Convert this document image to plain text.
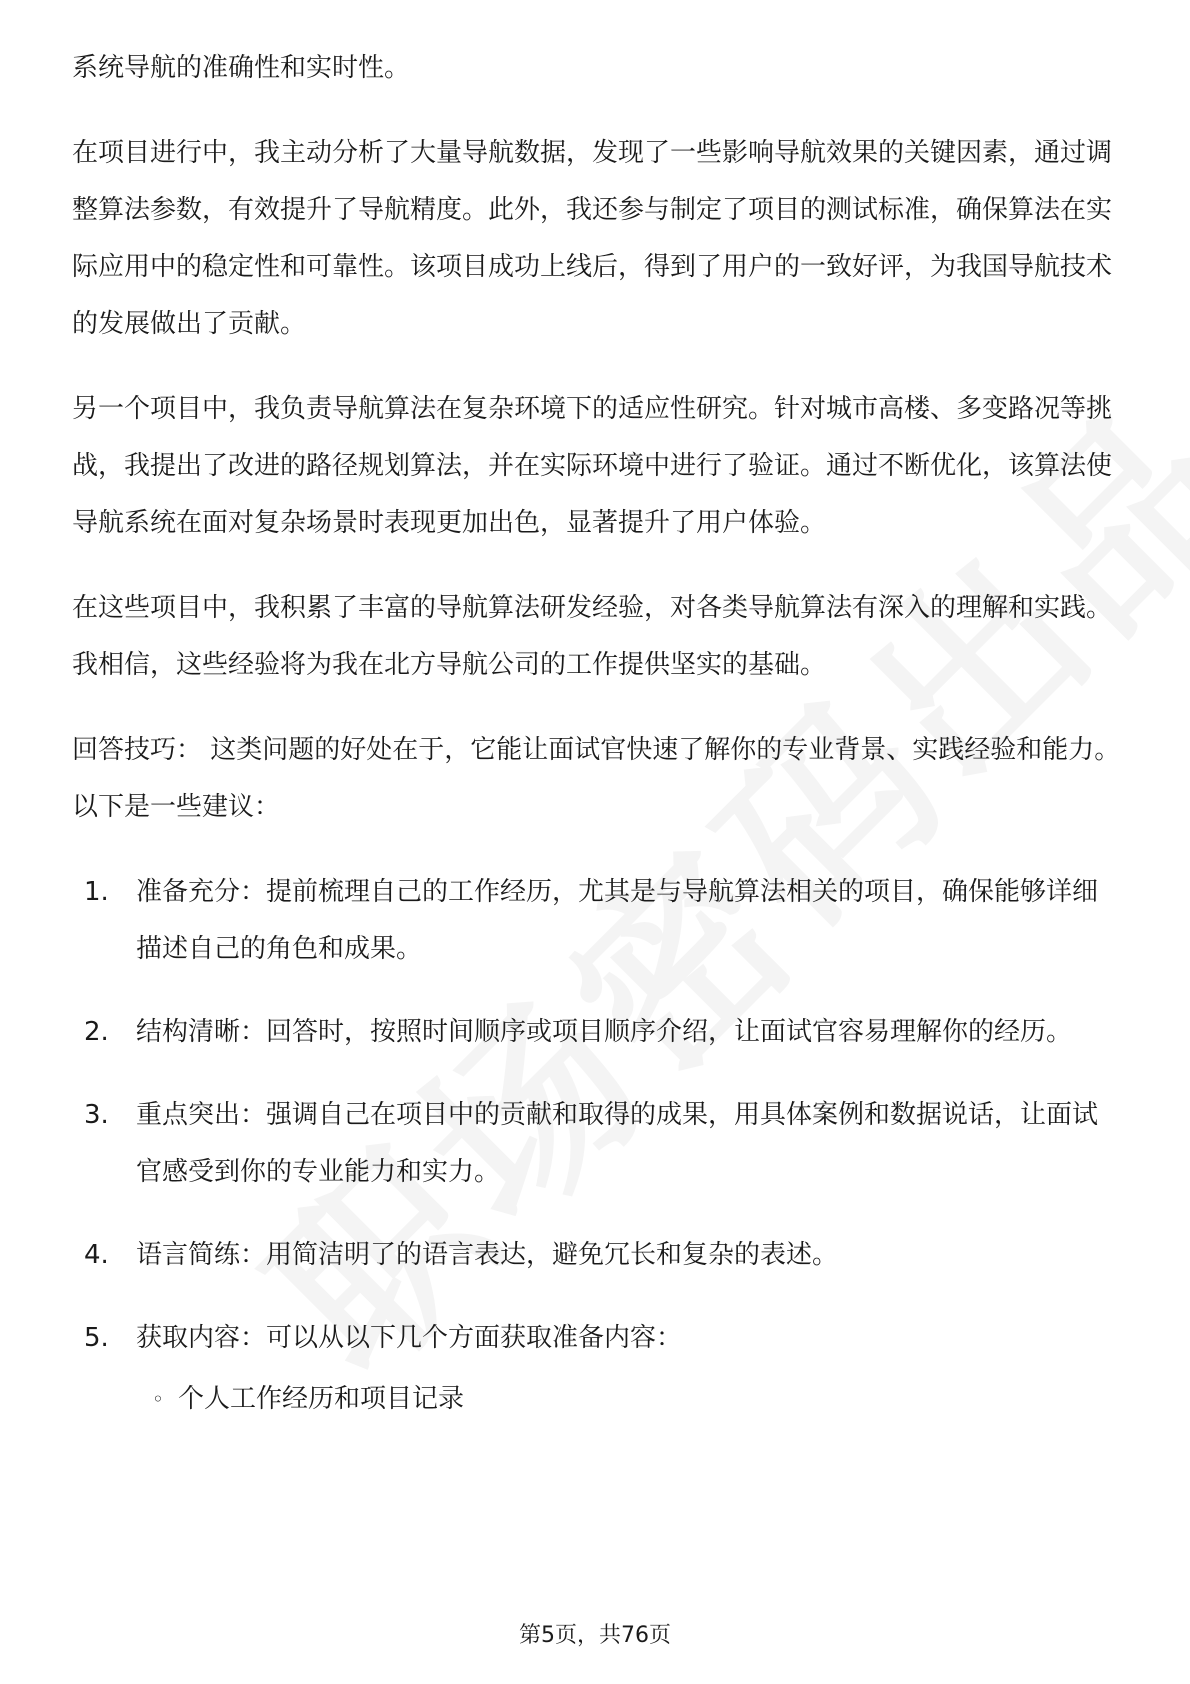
系统导航的准确性和实时性。

在项目进行中，我主动分析了大量导航数据，发现了一些影响导航效果的关键因素，通过调整算法参数，有效提升了导航精度。此外，我还参与制定了项目的测试标准，确保算法在实际应用中的稳定性和可靠性。该项目成功上线后，得到了用户的一致好评，为我国导航技术的发展做出了贡献。

另一个项目中，我负责导航算法在复杂环境下的适应性研究。针对城市高楼、多变路况等挑战，我提出了改进的路径规划算法，并在实际环境中进行了验证。通过不断优化，该算法使导航系统在面对复杂场景时表现更加出色，显著提升了用户体验。

在这些项目中，我积累了丰富的导航算法研发经验，对各类导航算法有深入的理解和实践。我相信，这些经验将为我在北方导航公司的工作提供坚实的基础。

回答技巧： 这类问题的好处在于，它能让面试官快速了解你的专业背景、实践经验和能力。以下是一些建议：

1.	准备充分：提前梳理自己的工作经历，尤其是与导航算法相关的项目，确保能够详细描述自己的角色和成果。
2.	结构清晰：回答时，按照时间顺序或项目顺序介绍，让面试官容易理解你的经历。
3.	重点突出：强调自己在项目中的贡献和取得的成果，用具体案例和数据说话，让面试官感受到你的专业能力和实力。
4.	语言简练：用简洁明了的语言表达，避免冗长和复杂的表述。
5.	获取内容：可以从以下几个方面获取准备内容：
◦ 个人工作经历和项目记录
第5页，共76页
